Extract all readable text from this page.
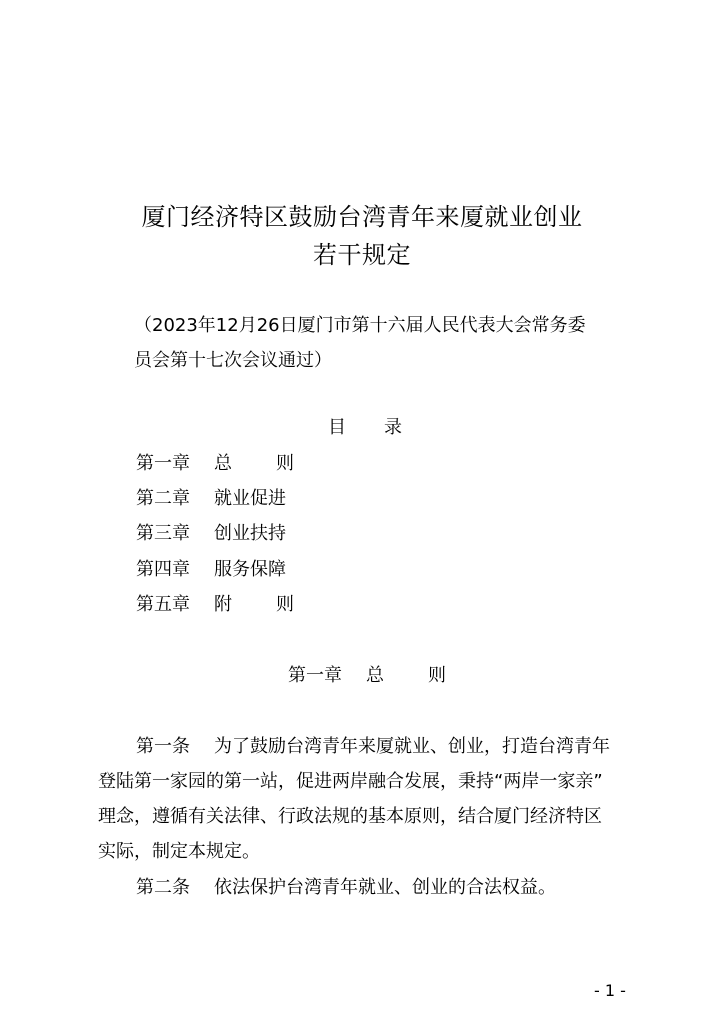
厦门经济特区鼓励台湾青年来厦就业创业
若干规定
（2023年12月26日厦门市第十六届人民代表大会常务委
员会第十七次会议通过）
目 录
第一章 总 则
第二章 就业促进
第三章 创业扶持
第四章 服务保障
第五章 附 则
第一章 总 则
第一条 为了鼓励台湾青年来厦就业、创业，打造台湾青年
登陆第一家园的第一站，促进两岸融合发展，秉持“两岸一家亲”
理念，遵循有关法律、行政法规的基本原则，结合厦门经济特区
实际，制定本规定。
第二条 依法保护台湾青年就业、创业的合法权益。
- 1 -
